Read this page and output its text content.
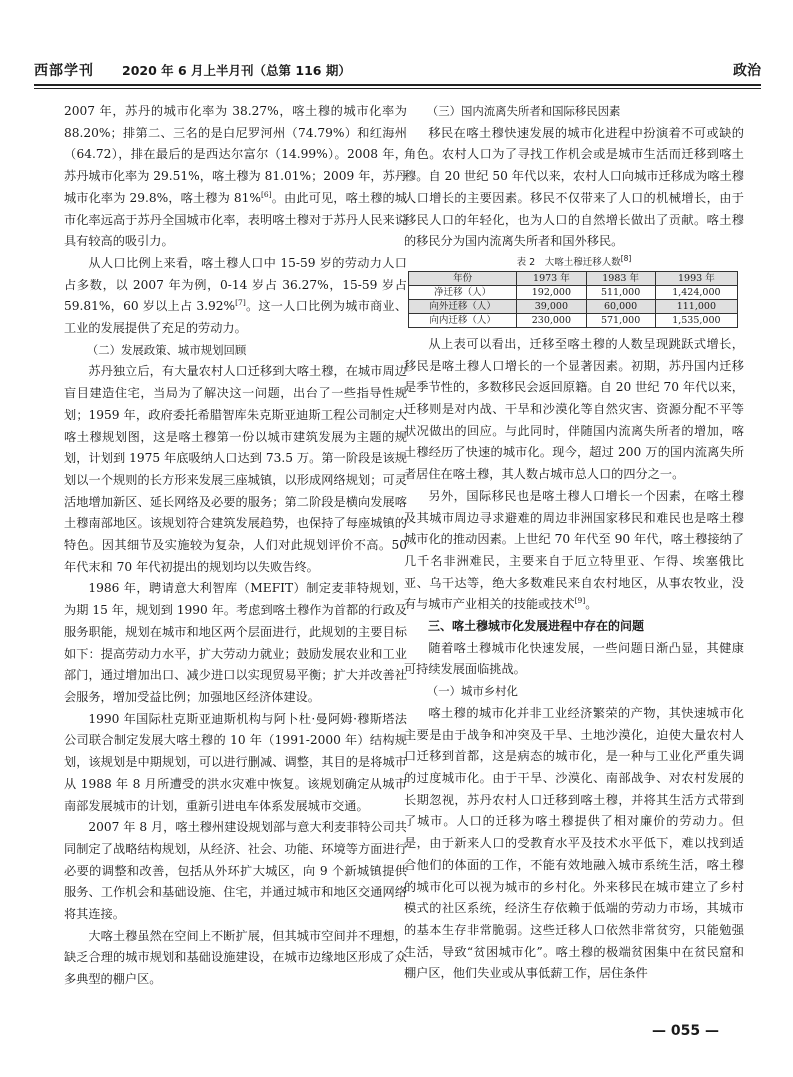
西部学刊 2020 年 6 月上半月刊（总第 116 期）	政治

2007 年，苏丹的城市化率为 38.27%，喀土穆的城市化率为 88.20%；排第二、三名的是白尼罗河州（74.79%）和红海州（64.72），排在最后的是西达尔富尔（14.99%）。2008 年，苏丹城市化率为 29.51%，喀土穆为 81.01%；2009 年，苏丹城市化率为 29.8%，喀土穆为 81%[6]。由此可见，喀土穆的城市化率远高于苏丹全国城市化率，表明喀土穆对于苏丹人民来说具有较高的吸引力。

从人口比例上来看，喀土穆人口中 15-59 岁的劳动力人口占多数，以 2007 年为例，0-14 岁占 36.27%，15-59 岁占 59.81%，60 岁以上占 3.92%[7]。这一人口比例为城市商业、工业的发展提供了充足的劳动力。

（二）发展政策、城市规划回顾

苏丹独立后，有大量农村人口迁移到大喀土穆，在城市周边盲目建造住宅，当局为了解决这一问题，出台了一些指导性规划；1959 年，政府委托希腊智库朱克斯亚迪斯工程公司制定大喀土穆规划图，这是喀土穆第一份以城市建筑发展为主题的规划，计划到 1975 年底吸纳人口达到 73.5 万。第一阶段是该规划以一个规则的长方形来发展三座城镇，以形成网络规划；可灵活地增加新区、延长网络及必要的服务；第二阶段是横向发展喀土穆南部地区。该规划符合建筑发展趋势，也保持了每座城镇的特色。因其细节及实施较为复杂，人们对此规划评价不高。50 年代末和 70 年代初提出的规划均以失败告终。

1986 年，聘请意大利智库（MEFIT）制定麦菲特规划，为期 15 年，规划到 1990 年。考虑到喀土穆作为首都的行政及服务职能，规划在城市和地区两个层面进行，此规划的主要目标如下：提高劳动力水平，扩大劳动力就业；鼓励发展农业和工业部门，通过增加出口、减少进口以实现贸易平衡；扩大并改善社会服务，增加受益比例；加强地区经济体建设。

1990 年国际杜克斯亚迪斯机构与阿卜杜·曼阿姆·穆斯塔法公司联合制定发展大喀土穆的 10 年（1991-2000 年）结构规划，该规划是中期规划，可以进行删减、调整，其目的是将城市从 1988 年 8 月所遭受的洪水灾难中恢复。该规划确定从城市南部发展城市的计划，重新引进电车体系发展城市交通。

2007 年 8 月，喀土穆州建设规划部与意大利麦菲特公司共同制定了战略结构规划，从经济、社会、功能、环境等方面进行必要的调整和改善，包括从外环扩大城区，向 9 个新城镇提供服务、工作机会和基础设施、住宅，并通过城市和地区交通网络将其连接。

大喀土穆虽然在空间上不断扩展，但其城市空间并不理想，缺乏合理的城市规划和基础设施建设，在城市边缘地区形成了众多典型的棚户区。

（三）国内流离失所者和国际移民因素

移民在喀土穆快速发展的城市化进程中扮演着不可或缺的角色。农村人口为了寻找工作机会或是城市生活而迁移到喀土穆。自 20 世纪 50 年代以来，农村人口向城市迁移成为喀土穆人口增长的主要因素。移民不仅带来了人口的机械增长，由于移民人口的年轻化，也为人口的自然增长做出了贡献。喀土穆的移民分为国内流离失所者和国外移民。

表 2　大喀土穆迁移人数[8]
年份	1973 年	1983 年	1993 年
净迁移（人）	192,000	511,000	1,424,000
向外迁移（人）	39,000	60,000	111,000
向内迁移（人）	230,000	571,000	1,535,000

从上表可以看出，迁移至喀土穆的人数呈现跳跃式增长，移民是喀土穆人口增长的一个显著因素。初期，苏丹国内迁移是季节性的，多数移民会返回原籍。自 20 世纪 70 年代以来，迁移则是对内战、干旱和沙漠化等自然灾害、资源分配不平等状况做出的回应。与此同时，伴随国内流离失所者的增加，喀土穆经历了快速的城市化。现今，超过 200 万的国内流离失所者居住在喀土穆，其人数占城市总人口的四分之一。

另外，国际移民也是喀土穆人口增长一个因素，在喀土穆及其城市周边寻求避难的周边非洲国家移民和难民也是喀土穆城市化的推动因素。上世纪 70 年代至 90 年代，喀土穆接纳了几千名非洲难民，主要来自于厄立特里亚、乍得、埃塞俄比亚、乌干达等，绝大多数难民来自农村地区，从事农牧业，没有与城市产业相关的技能或技术[9]。

三、喀土穆城市化发展进程中存在的问题

随着喀土穆城市化快速发展，一些问题日渐凸显，其健康可持续发展面临挑战。

（一）城市乡村化

喀土穆的城市化并非工业经济繁荣的产物，其快速城市化主要是由于战争和冲突及干旱、土地沙漠化，迫使大量农村人口迁移到首都，这是病态的城市化，是一种与工业化严重失调的过度城市化。由于干旱、沙漠化、南部战争、对农村发展的长期忽视，苏丹农村人口迁移到喀土穆，并将其生活方式带到了城市。人口的迁移为喀土穆提供了相对廉价的劳动力。但是，由于新来人口的受教育水平及技术水平低下，难以找到适合他们的体面的工作，不能有效地融入城市系统生活，喀土穆的城市化可以视为城市的乡村化。外来移民在城市建立了乡村模式的社区系统，经济生存依赖于低端的劳动力市场，其城市的基本生存非常脆弱。这些迁移人口依然非常贫穷，只能勉强生活，导致“贫困城市化”。喀土穆的极端贫困集中在贫民窟和棚户区，他们失业或从事低薪工作，居住条件

— 055 —
